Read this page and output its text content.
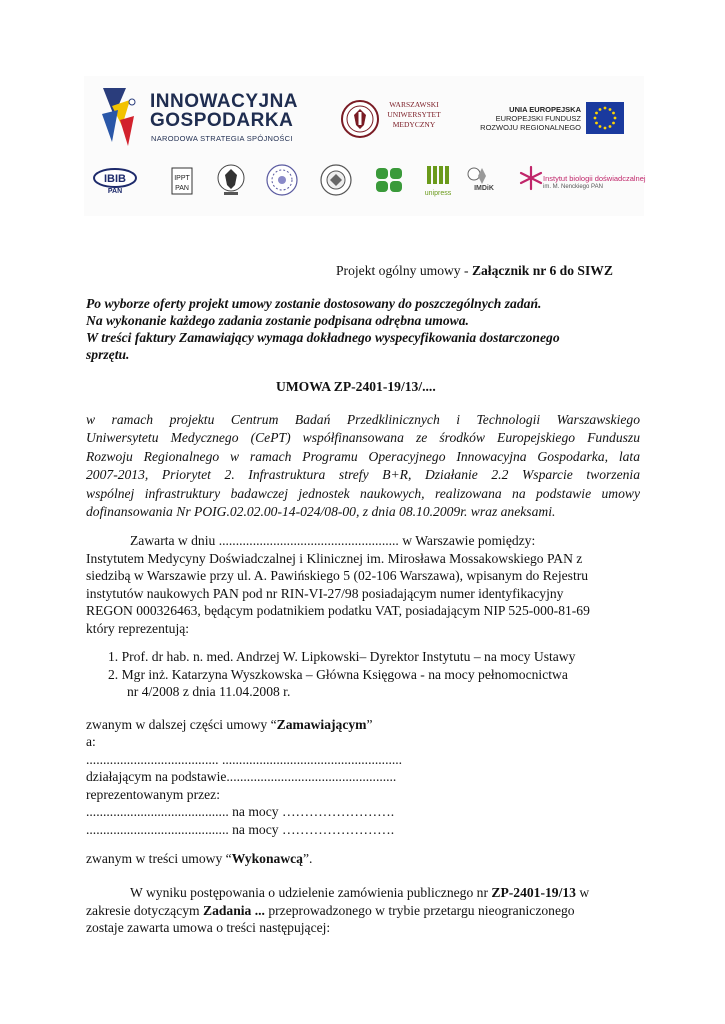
INNOWACYJNA
GOSPODARKA
NARODOWA STRATEGIA SPÓJNOŚCI
WARSZAWSKI
UNIWERSYTET
MEDYCZNY
UNIA EUROPEJSKA
EUROPEJSKI FUNDUSZ
ROZWOJU REGIONALNEGO
IBIB
PAN
IPPT
PAN
unipress
IMDiK
Instytut biologii doświadczalnej
im. M. Nenckiego PAN
Projekt ogólny umowy - Załącznik nr 6 do SIWZ
Po wyborze oferty projekt umowy zostanie dostosowany do poszczególnych zadań.
Na wykonanie każdego zadania zostanie podpisana odrębna umowa.
W treści faktury Zamawiający wymaga dokładnego wyspecyfikowania dostarczonego
sprzętu.
UMOWA ZP-2401-19/13/....
w ramach projektu Centrum Badań Przedklinicznych i Technologii Warszawskiego
Uniwersytetu Medycznego (CePT) współfinansowana ze środków Europejskiego Funduszu
Rozwoju Regionalnego w ramach Programu Operacyjnego Innowacyjna Gospodarka, lata
2007-2013, Priorytet 2. Infrastruktura strefy B+R, Działanie 2.2 Wsparcie tworzenia
wspólnej infrastruktury badawczej jednostek naukowych, realizowana na podstawie umowy
dofinansowania Nr POIG.02.02.00-14-024/08-00, z dnia 08.10.2009r. wraz aneksami.
Zawarta w dniu ..................................................... w Warszawie pomiędzy:
Instytutem Medycyny Doświadczalnej i Klinicznej im. Mirosława Mossakowskiego PAN z
siedzibą w Warszawie przy ul. A. Pawińskiego 5 (02-106 Warszawa), wpisanym do Rejestru
instytutów naukowych PAN pod nr RIN-VI-27/98 posiadającym numer identyfikacyjny
REGON 000326463, będącym podatnikiem podatku VAT, posiadającym NIP 525-000-81-69
który reprezentują:
1. Prof. dr hab. n. med. Andrzej W. Lipkowski– Dyrektor Instytutu – na mocy Ustawy
2. Mgr inż. Katarzyna Wyszkowska – Główna Księgowa - na mocy pełnomocnictwa
nr 4/2008 z dnia 11.04.2008 r.
zwanym w dalszej części umowy “Zamawiającym”
a:
....................................... .....................................................
działającym na podstawie..................................................
reprezentowanym przez:
.......................................... na mocy …………………….
.......................................... na mocy …………………….
zwanym w treści umowy “Wykonawcą”.
W wyniku postępowania o udzielenie zamówienia publicznego nr ZP-2401-19/13 w
zakresie dotyczącym Zadania ... przeprowadzonego w trybie przetargu nieograniczonego
zostaje zawarta umowa o treści następującej:
